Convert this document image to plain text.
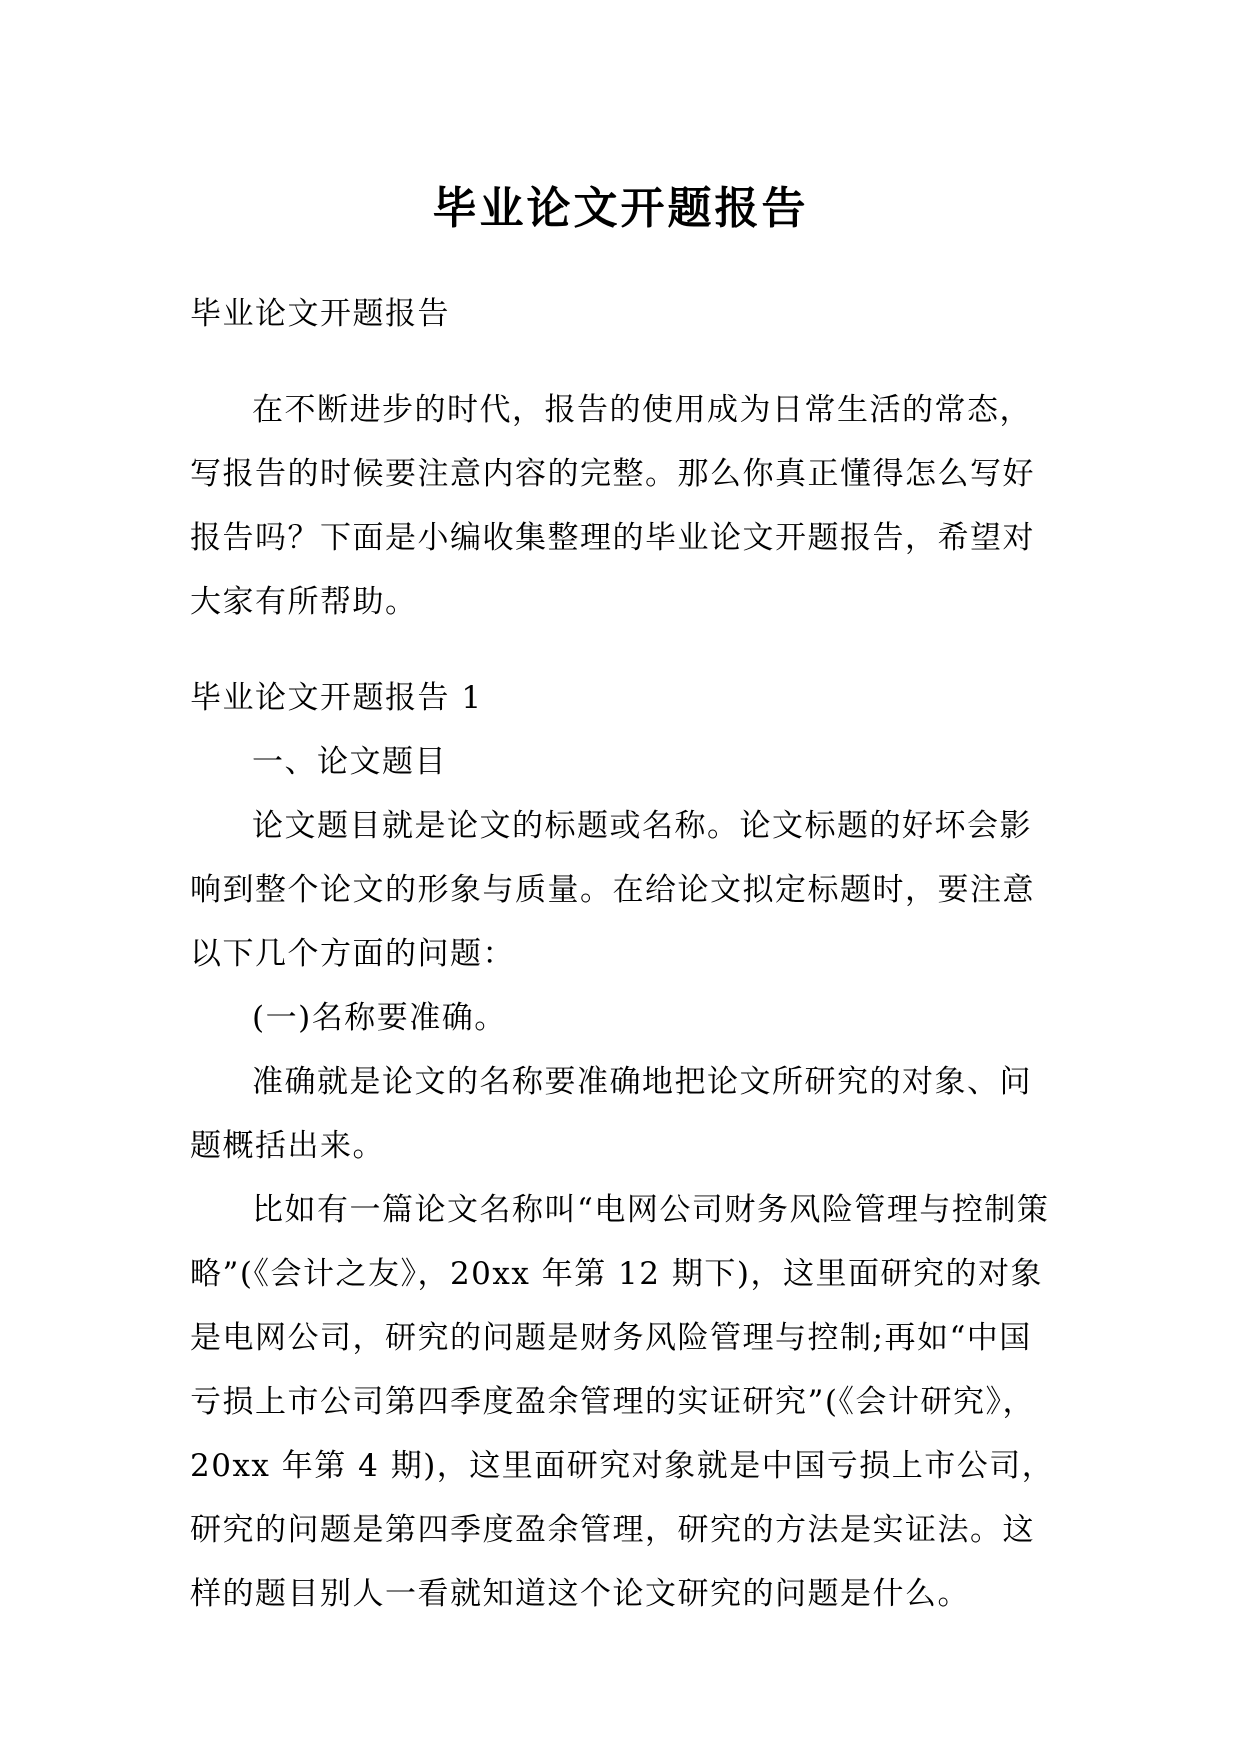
毕业论文开题报告

毕业论文开题报告

在不断进步的时代，报告的使用成为日常生活的常态，写报告的时候要注意内容的完整。那么你真正懂得怎么写好报告吗？下面是小编收集整理的毕业论文开题报告，希望对大家有所帮助。

毕业论文开题报告 1

一、论文题目

论文题目就是论文的标题或名称。论文标题的好坏会影响到整个论文的形象与质量。在给论文拟定标题时，要注意以下几个方面的问题：

(一)名称要准确。

准确就是论文的名称要准确地把论文所研究的对象、问题概括出来。

比如有一篇论文名称叫“电网公司财务风险管理与控制策略”(《会计之友》，20xx 年第 12 期下)，这里面研究的对象是电网公司，研究的问题是财务风险管理与控制;再如“中国亏损上市公司第四季度盈余管理的实证研究”(《会计研究》，20xx 年第 4 期)，这里面研究对象就是中国亏损上市公司，研究的问题是第四季度盈余管理，研究的方法是实证法。这样的题目别人一看就知道这个论文研究的问题是什么。
